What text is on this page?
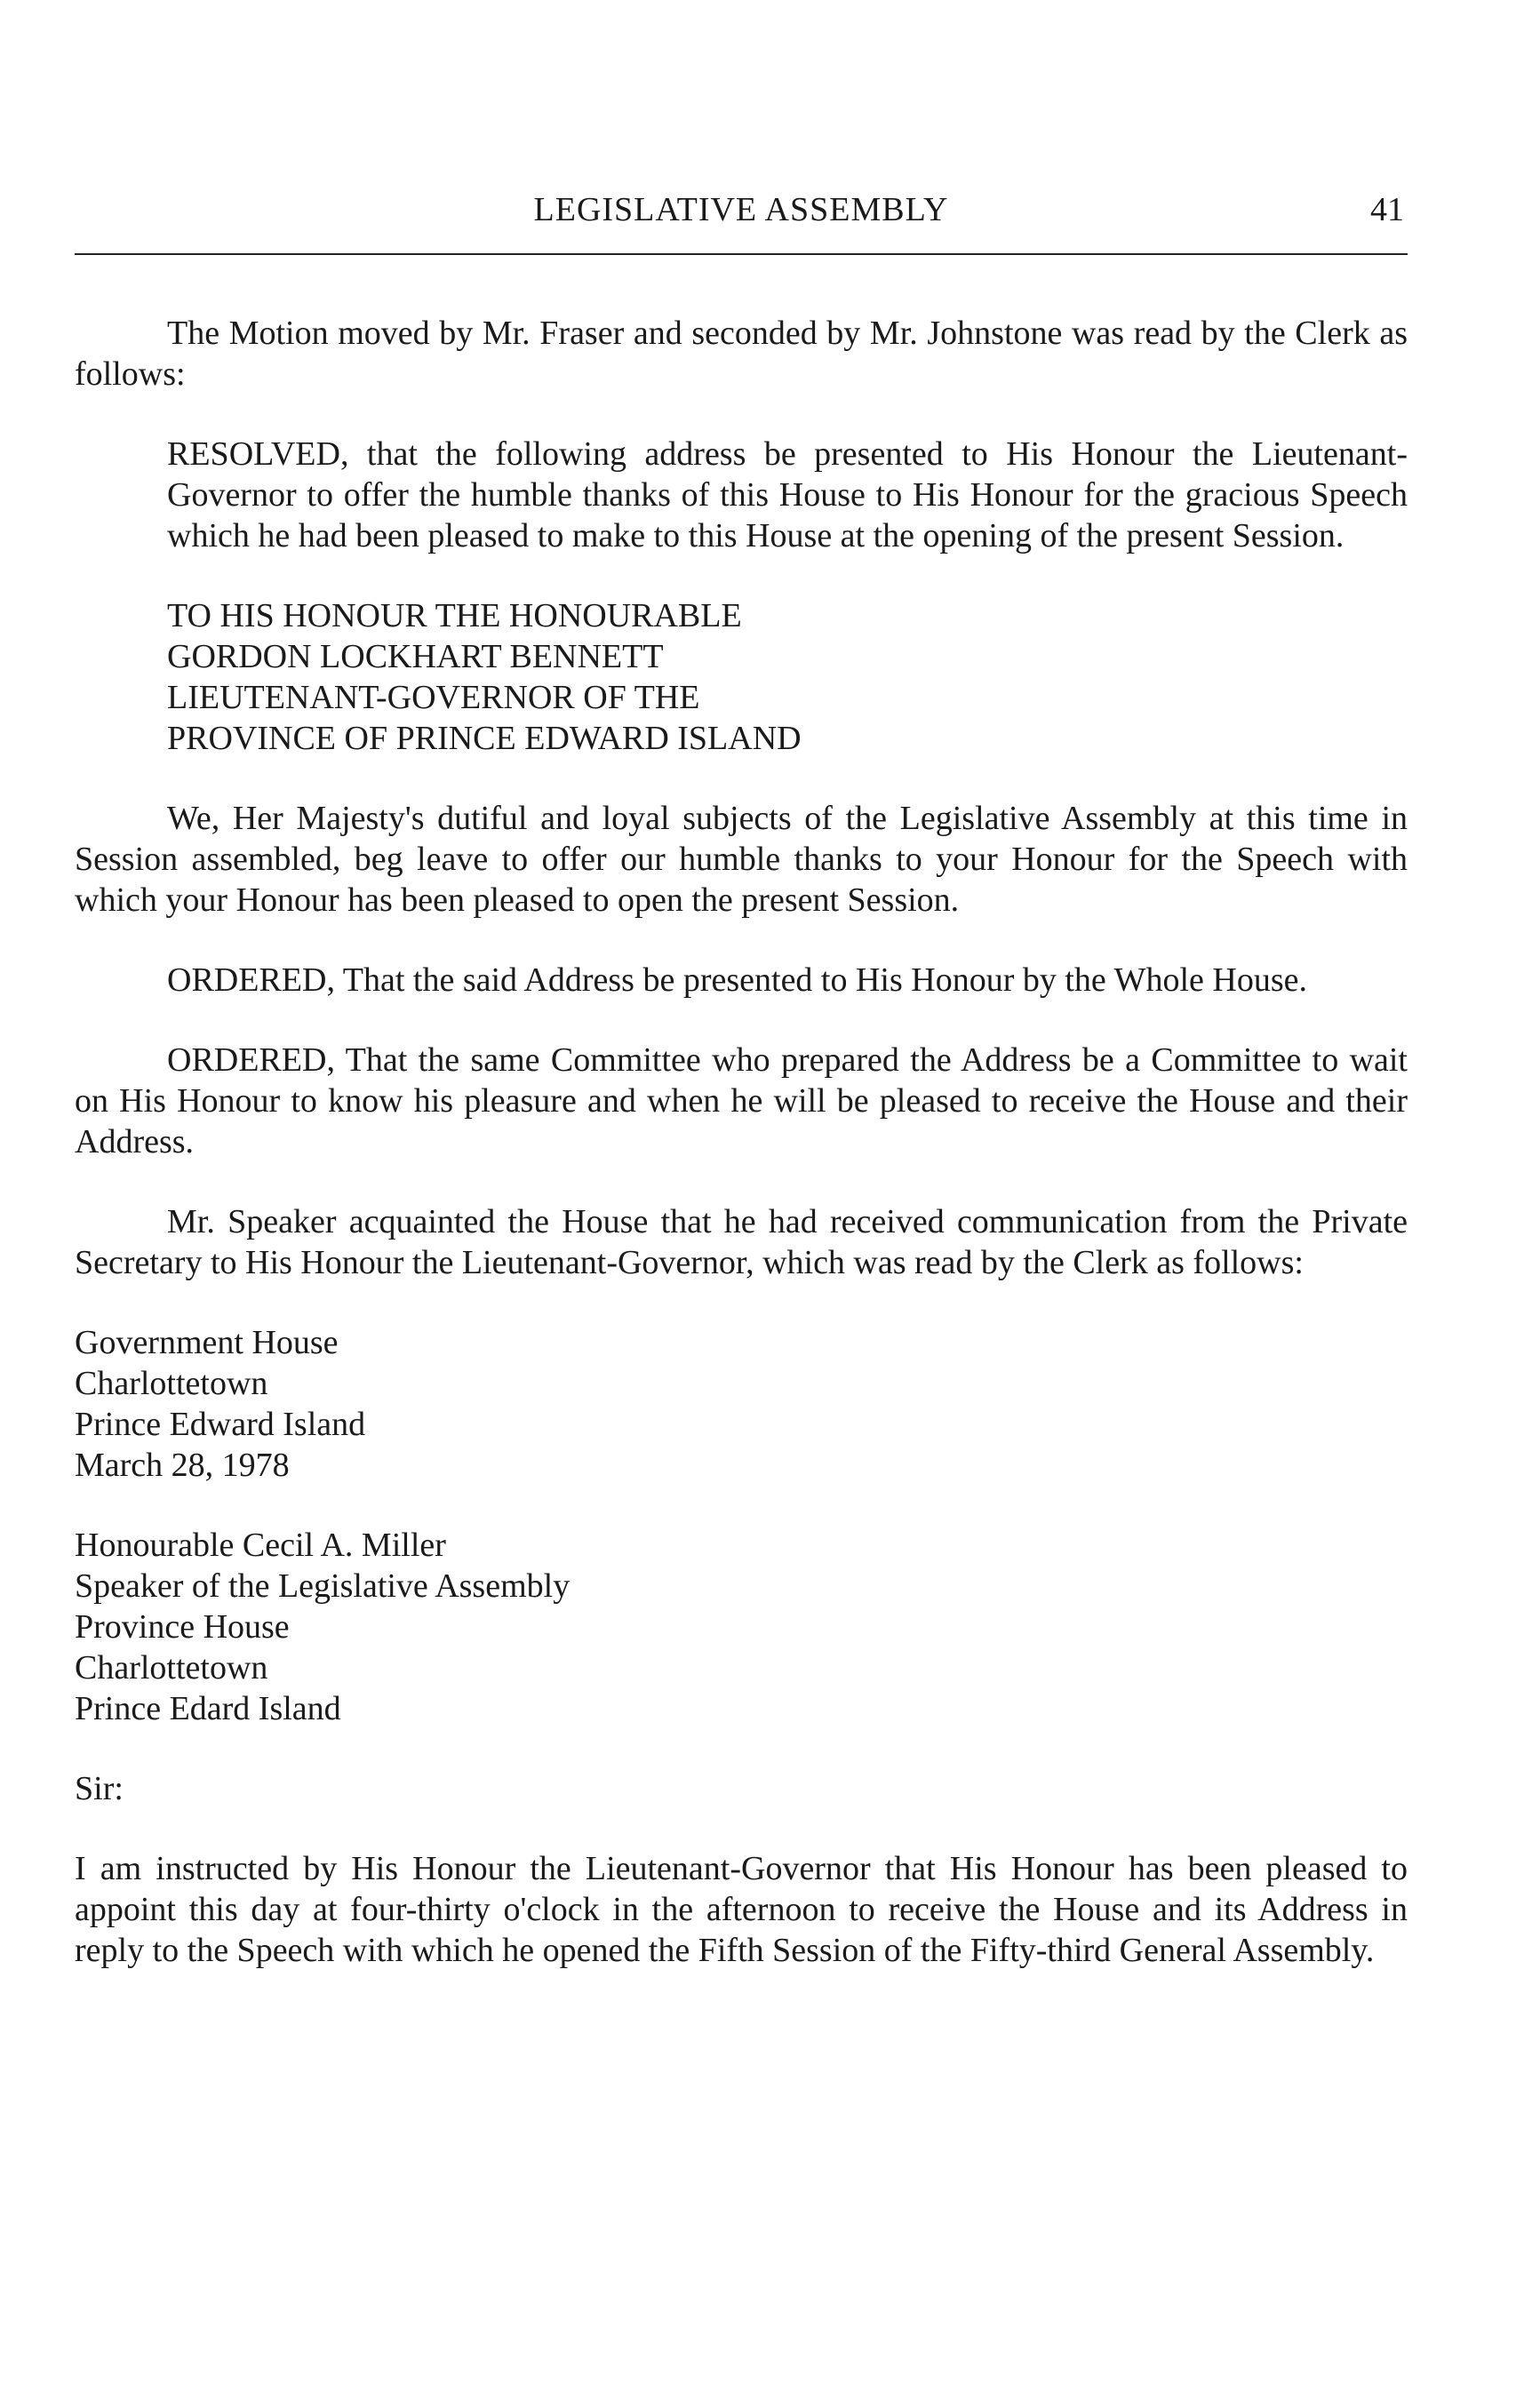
LEGISLATIVE ASSEMBLY	41

The Motion moved by Mr. Fraser and seconded by Mr. Johnstone was read by the Clerk as follows:

RESOLVED, that the following address be presented to His Honour the Lieutenant-Governor to offer the humble thanks of this House to His Honour for the gracious Speech which he had been pleased to make to this House at the opening of the present Session.

TO HIS HONOUR THE HONOURABLE
GORDON LOCKHART BENNETT
LIEUTENANT-GOVERNOR OF THE
PROVINCE OF PRINCE EDWARD ISLAND

We, Her Majesty's dutiful and loyal subjects of the Legislative Assembly at this time in Session assembled, beg leave to offer our humble thanks to your Honour for the Speech with which your Honour has been pleased to open the present Session.

ORDERED, That the said Address be presented to His Honour by the Whole House.

ORDERED, That the same Committee who prepared the Address be a Committee to wait on His Honour to know his pleasure and when he will be pleased to receive the House and their Address.

Mr. Speaker acquainted the House that he had received communication from the Private Secretary to His Honour the Lieutenant-Governor, which was read by the Clerk as follows:

Government House
Charlottetown
Prince Edward Island
March 28, 1978
Honourable Cecil A. Miller
Speaker of the Legislative Assembly
Province House
Charlottetown
Prince Edard Island

Sir:

I am instructed by His Honour the Lieutenant-Governor that His Honour has been pleased to appoint this day at four-thirty o'clock in the afternoon to receive the House and its Address in reply to the Speech with which he opened the Fifth Session of the Fifty-third General Assembly.
